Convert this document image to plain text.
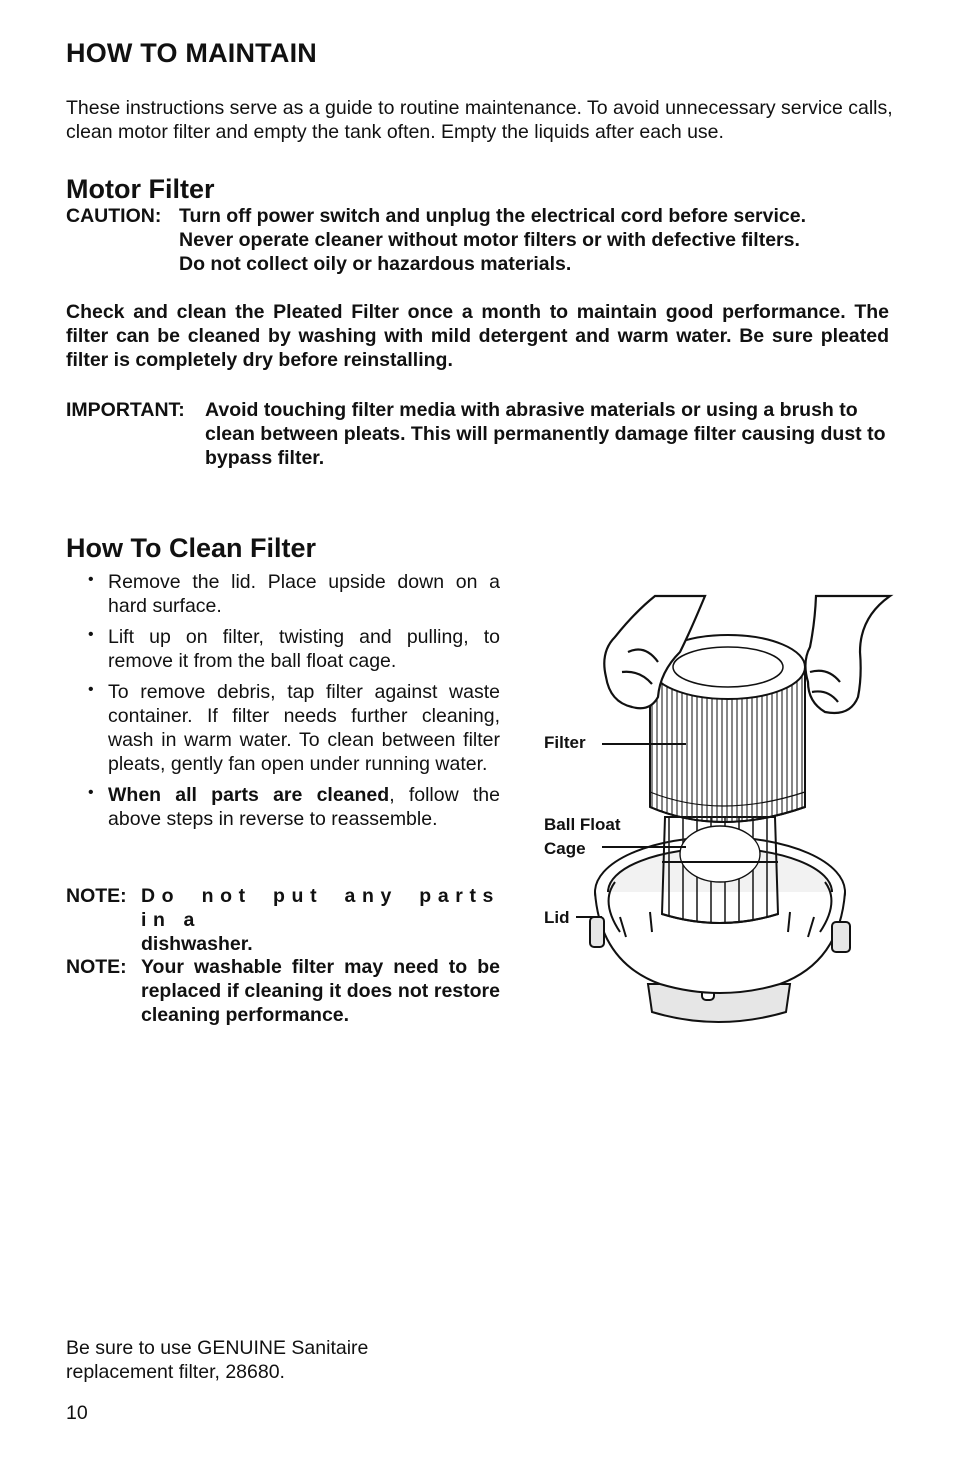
HOW TO MAINTAIN

These instructions serve as a guide to routine maintenance. To avoid unnecessary service calls, clean motor filter and empty the tank often. Empty the liquids after each use.

Motor Filter
CAUTION: Turn off power switch and unplug the electrical cord before service.
Never operate cleaner without motor filters or with defective filters.
Do not collect oily or hazardous materials.

Check and clean the Pleated Filter once a month to maintain good performance. The filter can be cleaned by washing with mild detergent and warm water. Be sure pleated filter is completely dry before reinstalling.

IMPORTANT:	Avoid touching filter media with abrasive materials or using a brush to clean between pleats. This will permanently damage filter causing dust to bypass filter.
How To Clean Filter
• Remove the lid. Place upside down on a hard surface.
• Lift up on filter, twisting and pulling, to remove it from the ball float cage.
• To remove debris, tap filter against waste container. If filter needs further cleaning, wash in warm water. To clean between filter pleats, gently fan open under running water.
• When all parts are cleaned, follow the above steps in reverse to reassemble.
NOTE: Do not put any parts in a
dishwasher.
NOTE: Your washable filter may need to be replaced if cleaning it does not restore cleaning performance.
Filter
Ball Float
Cage
Lid
Be sure to use GENUINE Sanitaire
replacement filter, 28680.
10
